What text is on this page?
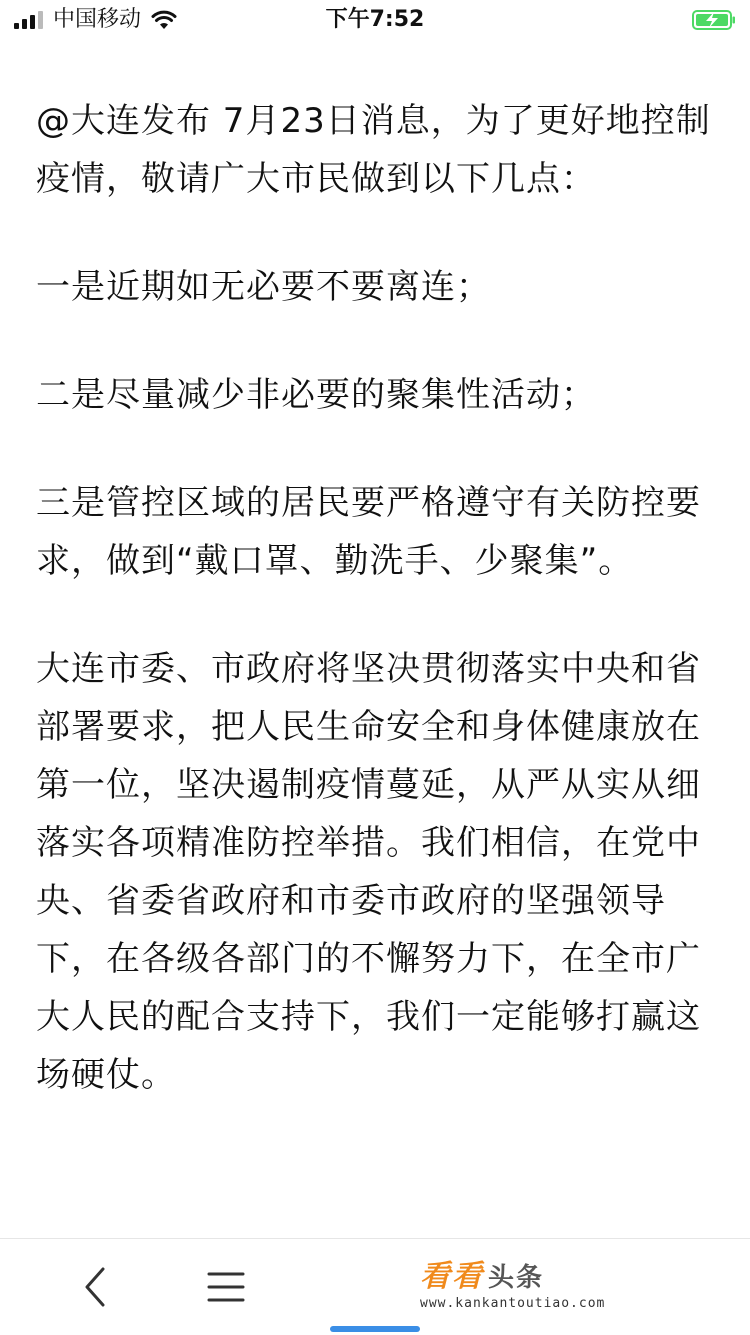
中国移动	下午7:52

@大连发布 7月23日消息，为了更好地控制疫情，敬请广大市民做到以下几点：

一是近期如无必要不要离连；

二是尽量减少非必要的聚集性活动；

三是管控区域的居民要严格遵守有关防控要求，做到“戴口罩、勤洗手、少聚集”。

大连市委、市政府将坚决贯彻落实中央和省部署要求，把人民生命安全和身体健康放在第一位，坚决遏制疫情蔓延，从严从实从细落实各项精准防控举措。我们相信，在党中央、省委省政府和市委市政府的坚强领导下，在各级各部门的不懈努力下，在全市广大人民的配合支持下，我们一定能够打赢这场硬仗。

看看 头条
www.kankantoutiao.com
